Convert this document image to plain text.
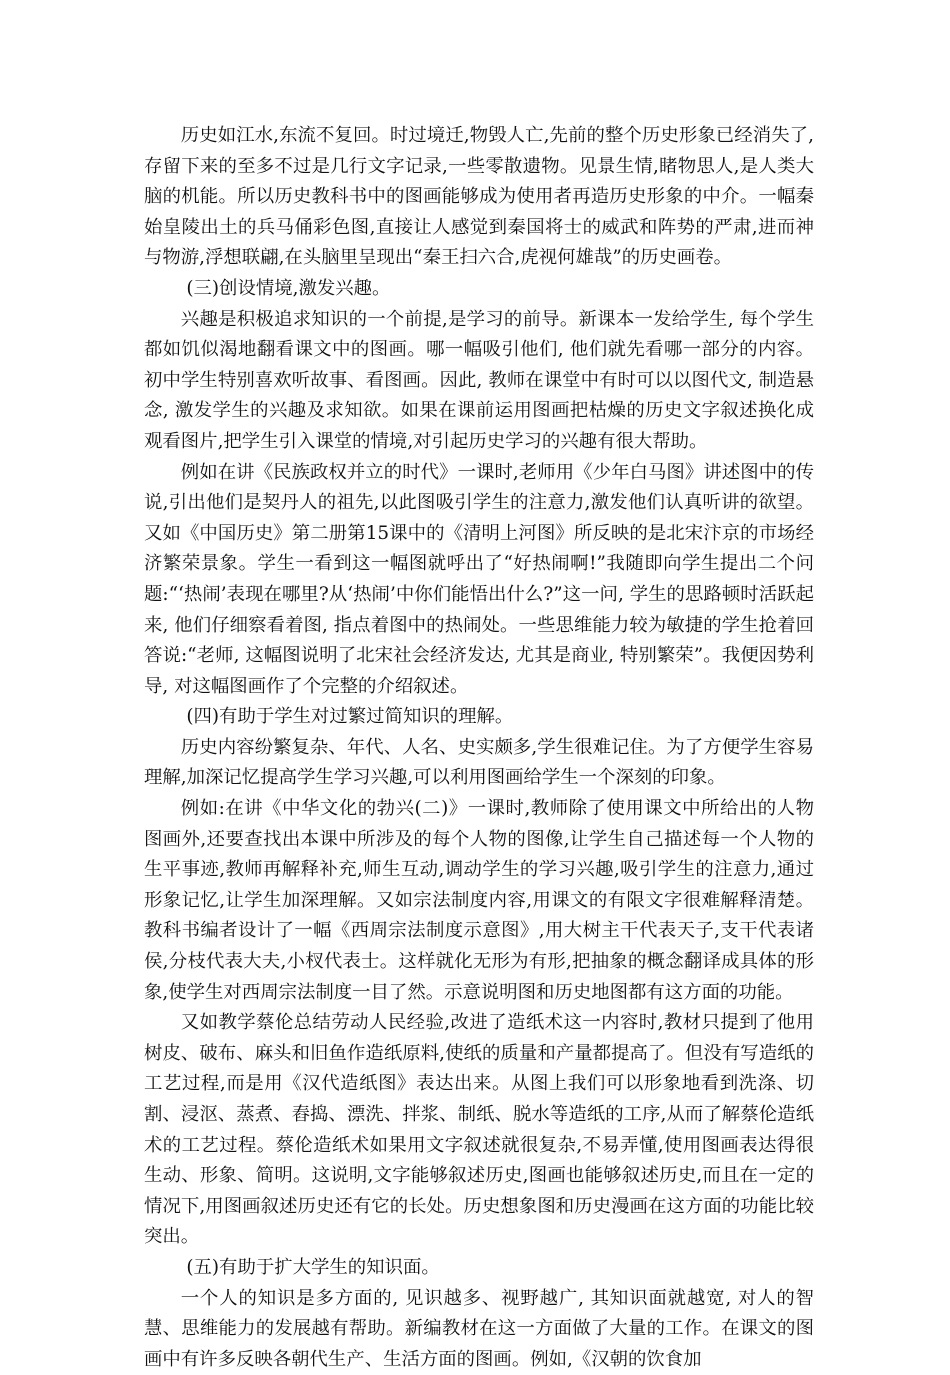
历史如江水,东流不复回。时过境迁,物毁人亡,先前的整个历史形象已经消失了,存留下来的至多不过是几行文字记录,一些零散遗物。见景生情,睹物思人,是人类大脑的机能。所以历史教科书中的图画能够成为使用者再造历史形象的中介。一幅秦始皇陵出土的兵马俑彩色图,直接让人感觉到秦国将士的威武和阵势的严肃,进而神与物游,浮想联翩,在头脑里呈现出“秦王扫六合,虎视何雄哉”的历史画卷。

(三)创设情境,激发兴趣。

兴趣是积极追求知识的一个前提,是学习的前导。新课本一发给学生, 每个学生都如饥似渴地翻看课文中的图画。哪一幅吸引他们, 他们就先看哪一部分的内容。初中学生特别喜欢听故事、看图画。因此, 教师在课堂中有时可以以图代文, 制造悬念, 激发学生的兴趣及求知欲。如果在课前运用图画把枯燥的历史文字叙述换化成观看图片,把学生引入课堂的情境,对引起历史学习的兴趣有很大帮助。

例如在讲《民族政权并立的时代》一课时,老师用《少年白马图》讲述图中的传说,引出他们是契丹人的祖先,以此图吸引学生的注意力,激发他们认真听讲的欲望。又如《中国历史》第二册第15课中的《清明上河图》所反映的是北宋汴京的市场经济繁荣景象。学生一看到这一幅图就呼出了“好热闹啊!”我随即向学生提出二个问题:“‘热闹’表现在哪里?从‘热闹’中你们能悟出什么?”这一问, 学生的思路顿时活跃起来, 他们仔细察看着图, 指点着图中的热闹处。一些思维能力较为敏捷的学生抢着回答说:“老师, 这幅图说明了北宋社会经济发达, 尤其是商业, 特别繁荣”。我便因势利导, 对这幅图画作了个完整的介绍叙述。

(四)有助于学生对过繁过简知识的理解。

历史内容纷繁复杂、年代、人名、史实颇多,学生很难记住。为了方便学生容易理解,加深记忆提高学生学习兴趣,可以利用图画给学生一个深刻的印象。

例如:在讲《中华文化的勃兴(二)》一课时,教师除了使用课文中所给出的人物图画外,还要查找出本课中所涉及的每个人物的图像,让学生自己描述每一个人物的生平事迹,教师再解释补充,师生互动,调动学生的学习兴趣,吸引学生的注意力,通过形象记忆,让学生加深理解。又如宗法制度内容,用课文的有限文字很难解释清楚。教科书编者设计了一幅《西周宗法制度示意图》,用大树主干代表天子,支干代表诸侯,分枝代表大夫,小杈代表士。这样就化无形为有形,把抽象的概念翻译成具体的形象,使学生对西周宗法制度一目了然。示意说明图和历史地图都有这方面的功能。

又如教学蔡伦总结劳动人民经验,改进了造纸术这一内容时,教材只提到了他用树皮、破布、麻头和旧鱼作造纸原料,使纸的质量和产量都提高了。但没有写造纸的工艺过程,而是用《汉代造纸图》表达出来。从图上我们可以形象地看到洗涤、切割、浸沤、蒸煮、舂捣、漂洗、拌浆、制纸、脱水等造纸的工序,从而了解蔡伦造纸术的工艺过程。蔡伦造纸术如果用文字叙述就很复杂,不易弄懂,使用图画表达得很生动、形象、简明。这说明,文字能够叙述历史,图画也能够叙述历史,而且在一定的情况下,用图画叙述历史还有它的长处。历史想象图和历史漫画在这方面的功能比较突出。

(五)有助于扩大学生的知识面。

一个人的知识是多方面的, 见识越多、视野越广, 其知识面就越宽, 对人的智慧、思维能力的发展越有帮助。新编教材在这一方面做了大量的工作。在课文的图画中有许多反映各朝代生产、生活方面的图画。例如,《汉朝的饮食加
